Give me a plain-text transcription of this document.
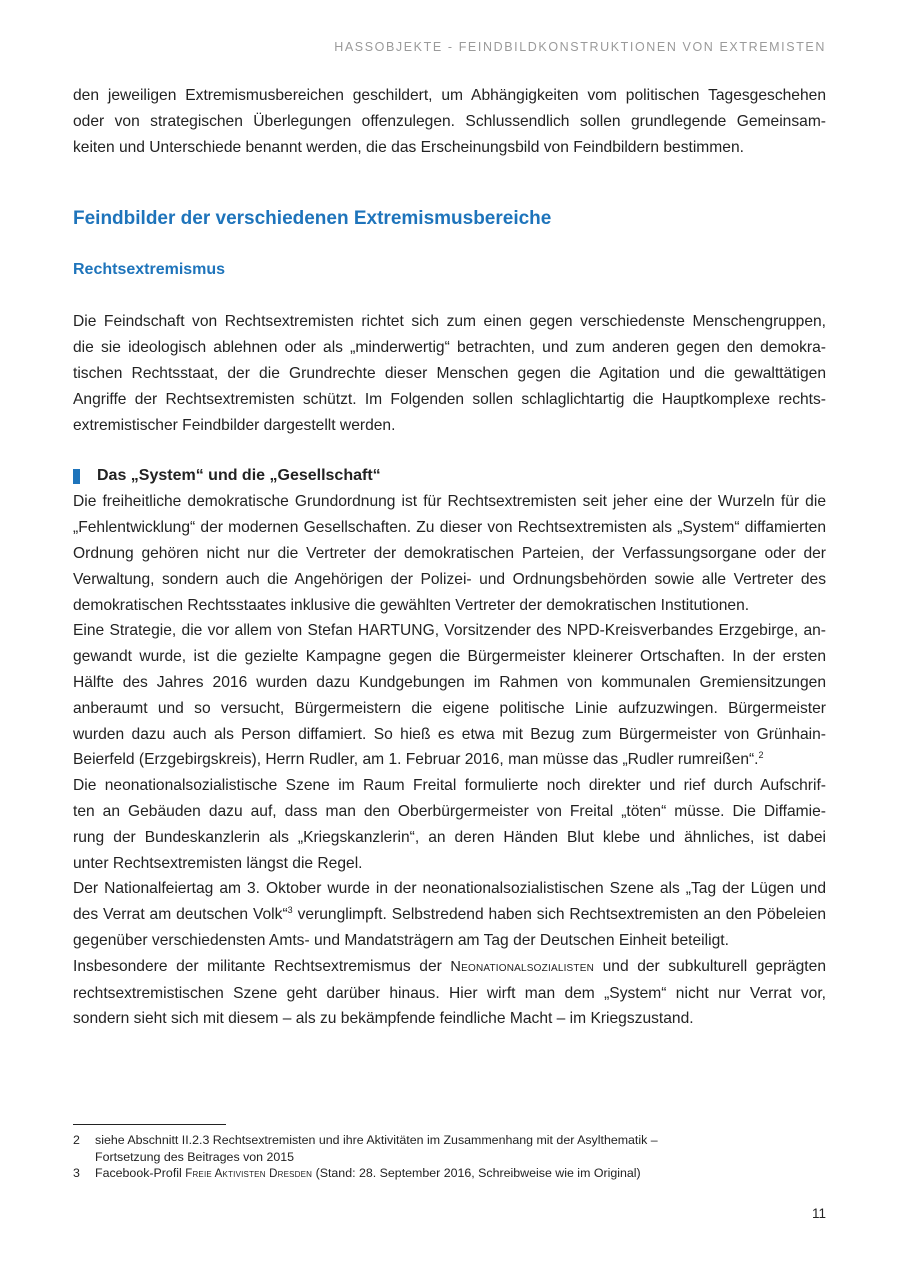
HASSOBJEKTE - FEINDBILDKONSTRUKTIONEN VON EXTREMISTEN
den jeweiligen Extremismusbereichen geschildert, um Abhängigkeiten vom politischen Tagesgeschehen
oder von strategischen Überlegungen offenzulegen. Schlussendlich sollen grundlegende Gemeinsam-
keiten und Unterschiede benannt werden, die das Erscheinungsbild von Feindbildern bestimmen.
Feindbilder der verschiedenen Extremismusbereiche
Rechtsextremismus
Die Feindschaft von Rechtsextremisten richtet sich zum einen gegen verschiedenste Menschengruppen,
die sie ideologisch ablehnen oder als „minderwertig“ betrachten, und zum anderen gegen den demokra-
tischen Rechtsstaat, der die Grundrechte dieser Menschen gegen die Agitation und die gewalttätigen
Angriffe der Rechtsextremisten schützt. Im Folgenden sollen schlaglichtartig die Hauptkomplexe rechts-
extremistischer Feindbilder dargestellt werden.
Das „System“ und die „Gesellschaft“
Die freiheitliche demokratische Grundordnung ist für Rechtsextremisten seit jeher eine der Wurzeln für die
„Fehlentwicklung“ der modernen Gesellschaften. Zu dieser von Rechtsextremisten als „System“ diffamierten
Ordnung gehören nicht nur die Vertreter der demokratischen Parteien, der Verfassungsorgane oder der
Verwaltung, sondern auch die Angehörigen der Polizei- und Ordnungsbehörden sowie alle Vertreter des
demokratischen Rechtsstaates inklusive die gewählten Vertreter der demokratischen Institutionen.
Eine Strategie, die vor allem von Stefan HARTUNG, Vorsitzender des NPD-Kreisverbandes Erzgebirge, an-
gewandt wurde, ist die gezielte Kampagne gegen die Bürgermeister kleinerer Ortschaften. In der ersten
Hälfte des Jahres 2016 wurden dazu Kundgebungen im Rahmen von kommunalen Gremiensitzungen
anberaumt und so versucht, Bürgermeistern die eigene politische Linie aufzuzwingen. Bürgermeister
wurden dazu auch als Person diffamiert. So hieß es etwa mit Bezug zum Bürgermeister von Grünhain-
Beierfeld (Erzgebirgskreis), Herrn Rudler, am 1. Februar 2016, man müsse das „Rudler rumreißen“.$^2$
Die neonationalsozialistische Szene im Raum Freital formulierte noch direkter und rief durch Aufschrif-
ten an Gebäuden dazu auf, dass man den Oberbürgermeister von Freital „töten“ müsse. Die Diffamie-
rung der Bundeskanzlerin als „Kriegskanzlerin“, an deren Händen Blut klebe und ähnliches, ist dabei
unter Rechtsextremisten längst die Regel.
Der Nationalfeiertag am 3. Oktober wurde in der neonationalsozialistischen Szene als „Tag der Lügen und
des Verrat am deutschen Volk“$^3$ verunglimpft. Selbstredend haben sich Rechtsextremisten an den Pöbeleien
gegenüber verschiedensten Amts- und Mandatsträgern am Tag der Deutschen Einheit beteiligt.
Insbesondere der militante Rechtsextremismus der Neonationalsozialisten und der subkulturell geprägten
rechtsextremistischen Szene geht darüber hinaus. Hier wirft man dem „System“ nicht nur Verrat vor,
sondern sieht sich mit diesem – als zu bekämpfende feindliche Macht – im Kriegszustand.
2	siehe Abschnitt II.2.3 Rechtsextremisten und ihre Aktivitäten im Zusammenhang mit der Asylthematik –
Fortsetzung des Beitrages von 2015
3	Facebook-Profil Freie Aktivisten Dresden (Stand: 28. September 2016, Schreibweise wie im Original)
11
